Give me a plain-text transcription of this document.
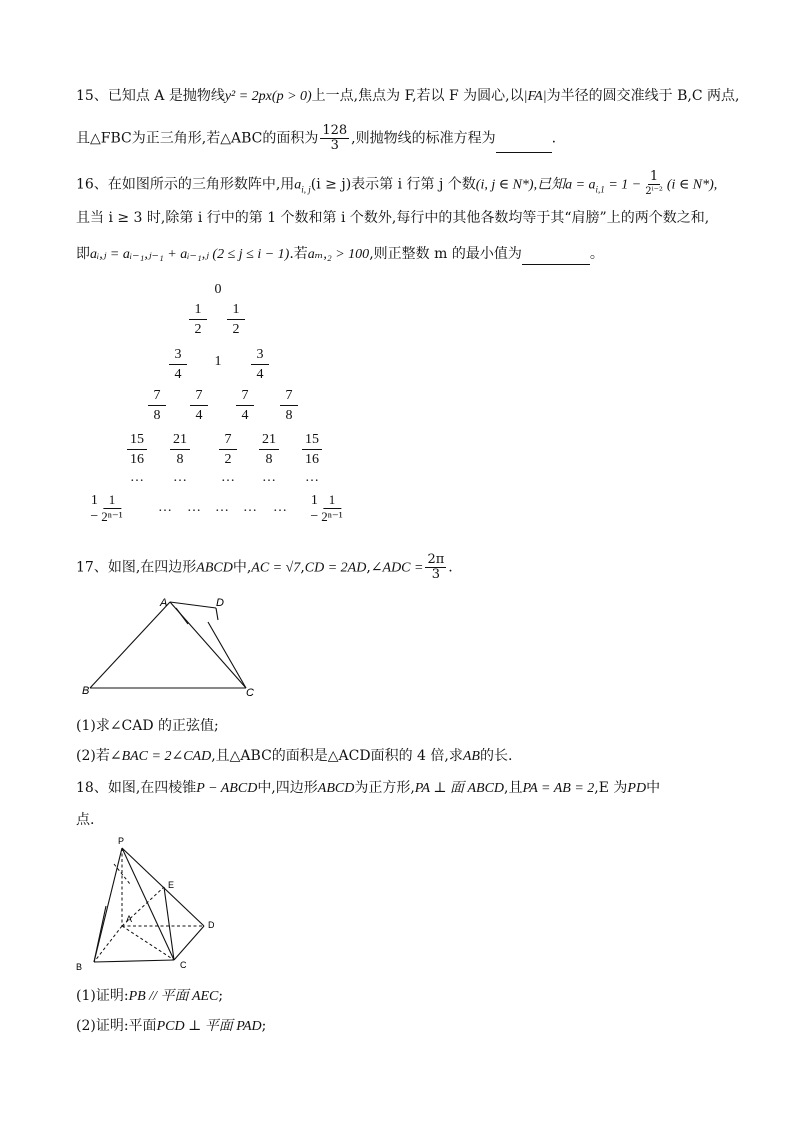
15、已知点 A 是抛物线y² = 2px(p > 0)上一点,焦点为 F,若以 F 为圆心,以|FA|为半径的圆交准线于 B,C 两点,
且△FBC为正三角形,若△ABC的面积为 $\frac{128}{3}$ ,则抛物线的标准方程为	.
16、在如图所示的三角形数阵中,用$a_{i, j}(i \ge j)$表示第 i 行第 j 个数(i, j ∈ N*),已知$a = a_{i,1} = 1 - \frac{1}{\text{2ⁱ⁻²}} (i$ ∈ N*),
且当 i ≥ 3 时,除第 i 行中的第 1 个数和第 i 个数外,每行中的其他各数均等于其“肩膀”上的两个数之和,
即aᵢ,ⱼ = aᵢ₋₁,ⱼ₋₁ + aᵢ₋₁,ⱼ (2 ≤ j ≤ i − 1).若aₘ,₂ > 100,则正整数 m 的最小值为	。
0
$\frac{1}{2} \frac{1}{2}$
$\frac{3}{4} 1 \frac{3}{4}$
$\frac{7}{8} \frac{7}{4} \frac{7}{4} \frac{7}{8}$
$\frac{15}{16} \frac{21}{8} \frac{7}{2} \frac{21}{8} \frac{15}{16}$
… … … … …
$1 - \frac{1}{\text{2ⁿ⁻¹}}$ … … … … … $1 - \frac{1}{\text{2ⁿ⁻¹}}$
17、如图,在四边形ABCD中,AC = √7,CD = 2AD,∠ADC = $\frac{2\pi}{3}$ .
A	D
B	C
(1)求∠CAD 的正弦值;
(2)若∠BAC = 2∠CAD,且△ABC的面积是△ACD面积的 4 倍,求AB的长.
18、如图,在四棱锥P − ABCD中,四边形ABCD为正方形,PA ⊥ 面 ABCD,且PA = AB = 2,E 为PD中
点.
P
A
B	C
D
E
(1)证明:PB // 平面 AEC;
(2)证明:平面PCD ⊥ 平面 PAD;
